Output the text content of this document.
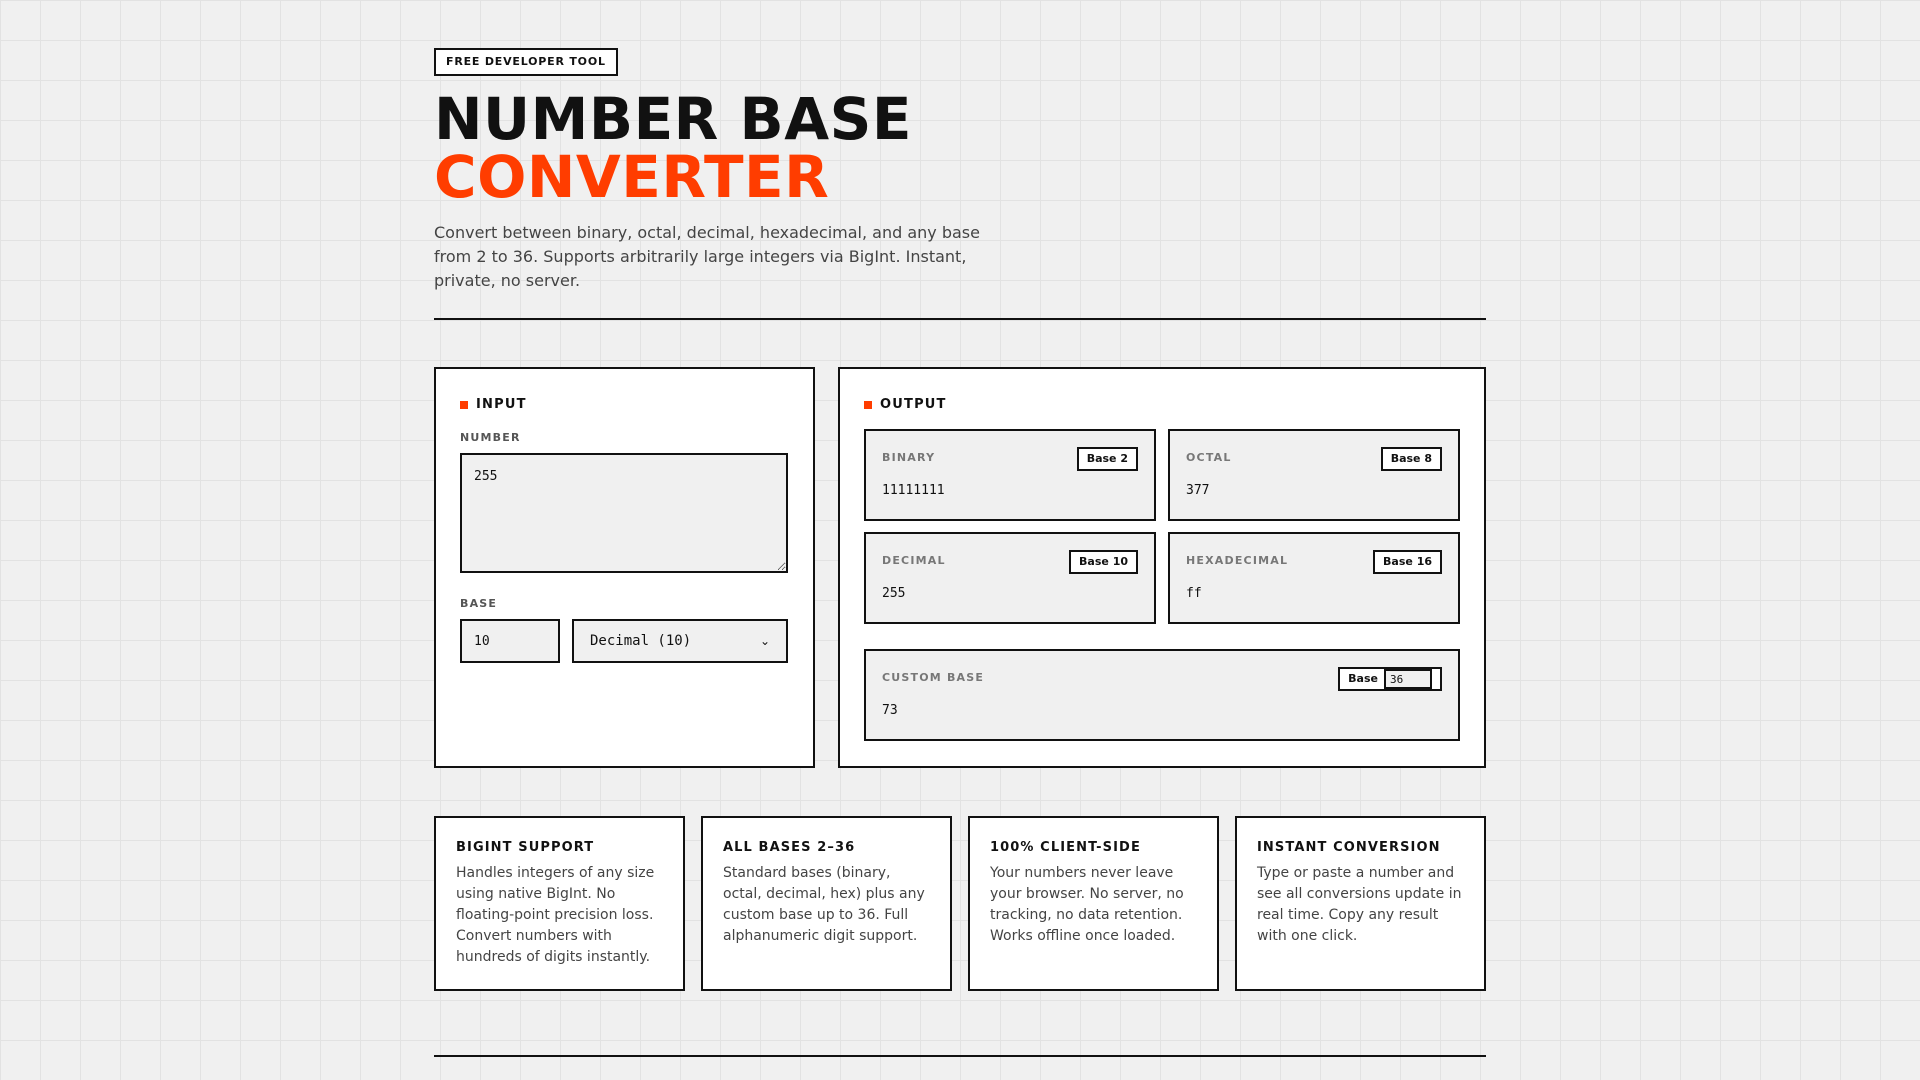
FREE DEVELOPER TOOL
NUMBER BASE
CONVERTER

Convert between binary, octal, decimal, hexadecimal, and any base from 2 to 36. Supports arbitrarily large integers via BigInt. Instant, private, no server.

INPUT
NUMBER
255
BASE
10
Decimal (10)	⌄
OUTPUT
BINARY	Base 2
11111111
OCTAL	Base 8
377
DECIMAL	Base 10
255
HEXADECIMAL	Base 16
ff
CUSTOM BASE	Base
36
73
BIGINT SUPPORT

Handles integers of any size using native BigInt. No floating-point precision loss. Convert numbers with hundreds of digits instantly.

ALL BASES 2–36

Standard bases (binary, octal, decimal, hex) plus any custom base up to 36. Full alphanumeric digit support.

100% CLIENT-SIDE

Your numbers never leave your browser. No server, no tracking, no data retention. Works offline once loaded.

INSTANT CONVERSION

Type or paste a number and see all conversions update in real time. Copy any result with one click.
